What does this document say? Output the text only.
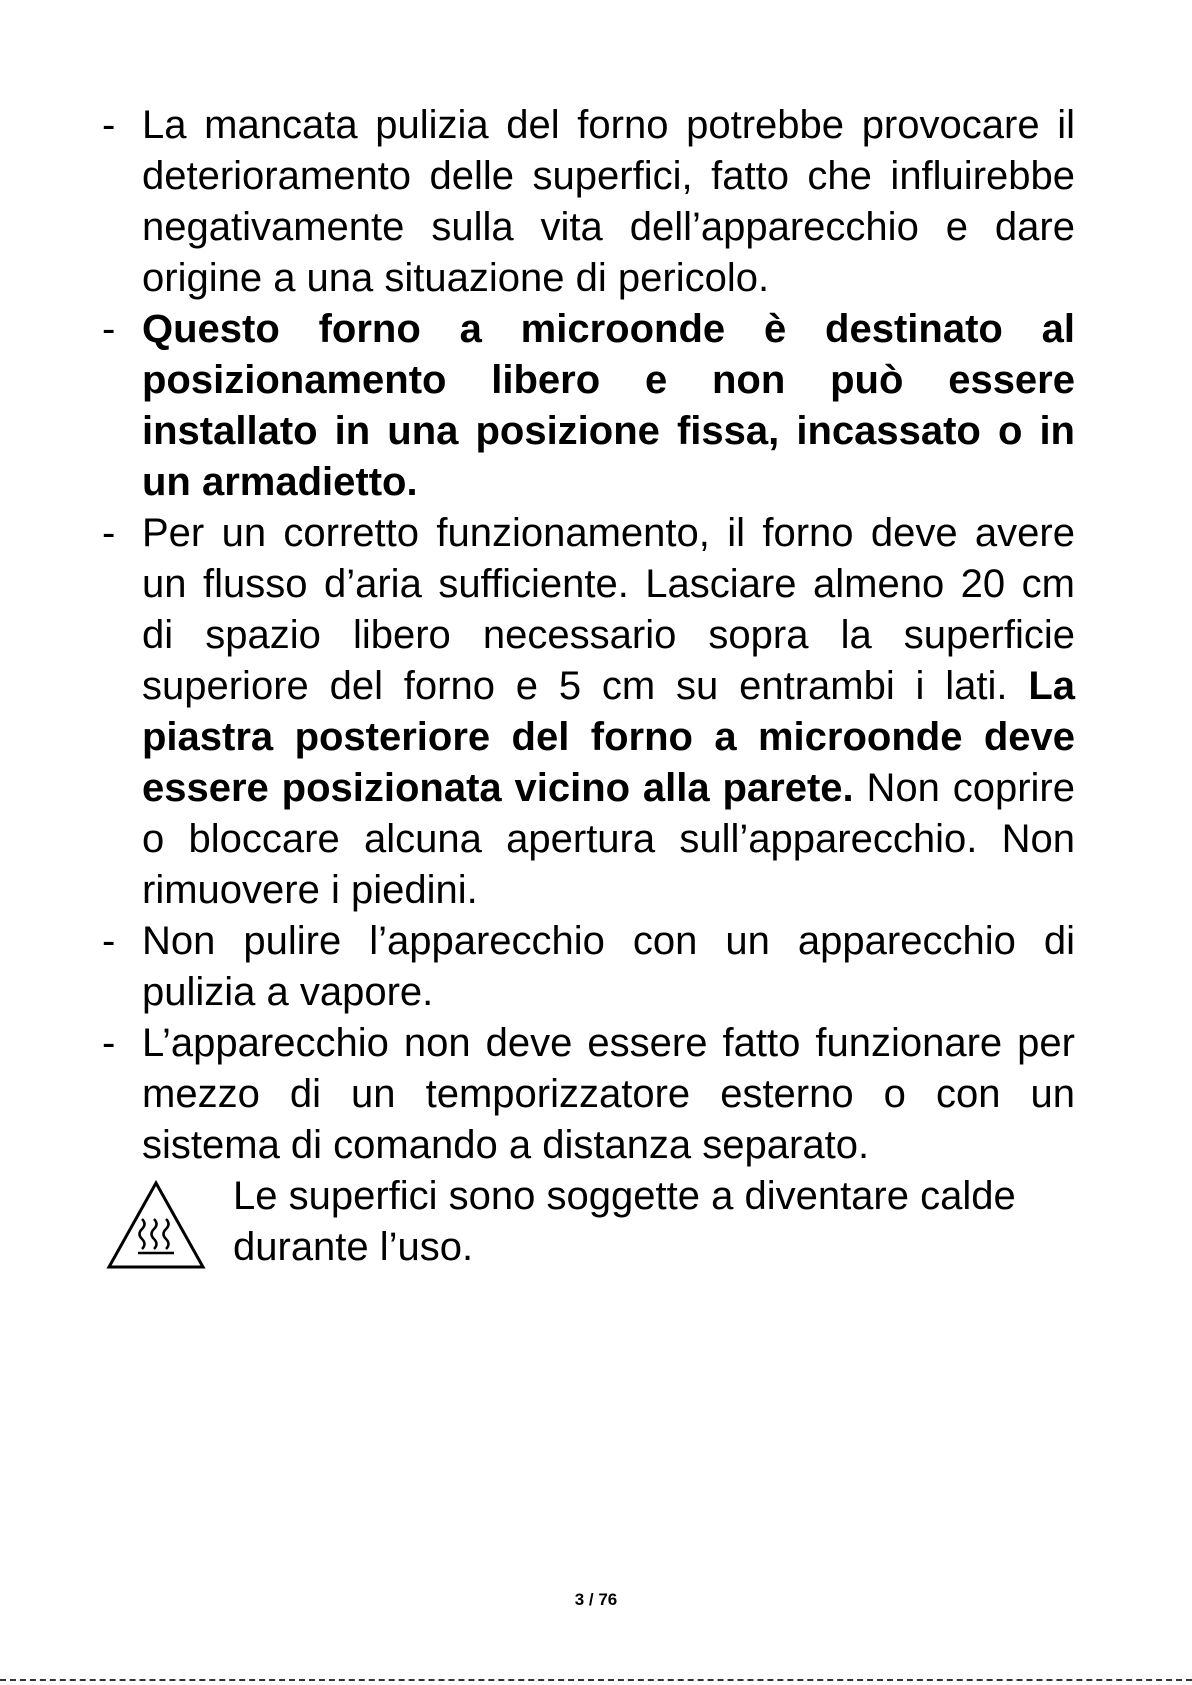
- La mancata pulizia del forno potrebbe provocare il deterioramento delle superfici, fatto che influirebbe negativamente sulla vita dell’apparecchio e dare origine a una situazione di pericolo.
- Questo forno a microonde è destinato al posizionamento libero e non può essere installato in una posizione fissa, incassato o in un armadietto.
- Per un corretto funzionamento, il forno deve avere un flusso d’aria sufficiente. Lasciare almeno 20 cm di spazio libero necessario sopra la superficie superiore del forno e 5 cm su entrambi i lati. La piastra posteriore del forno a microonde deve essere posizionata vicino alla parete. Non coprire o bloccare alcuna apertura sull’apparecchio. Non rimuovere i piedini.
- Non pulire l’apparecchio con un apparecchio di pulizia a vapore.
- L’apparecchio non deve essere fatto funzionare per mezzo di un temporizzatore esterno o con un sistema di comando a distanza separato.
Le superfici sono soggette a diventare calde durante l’uso.
3 / 76
